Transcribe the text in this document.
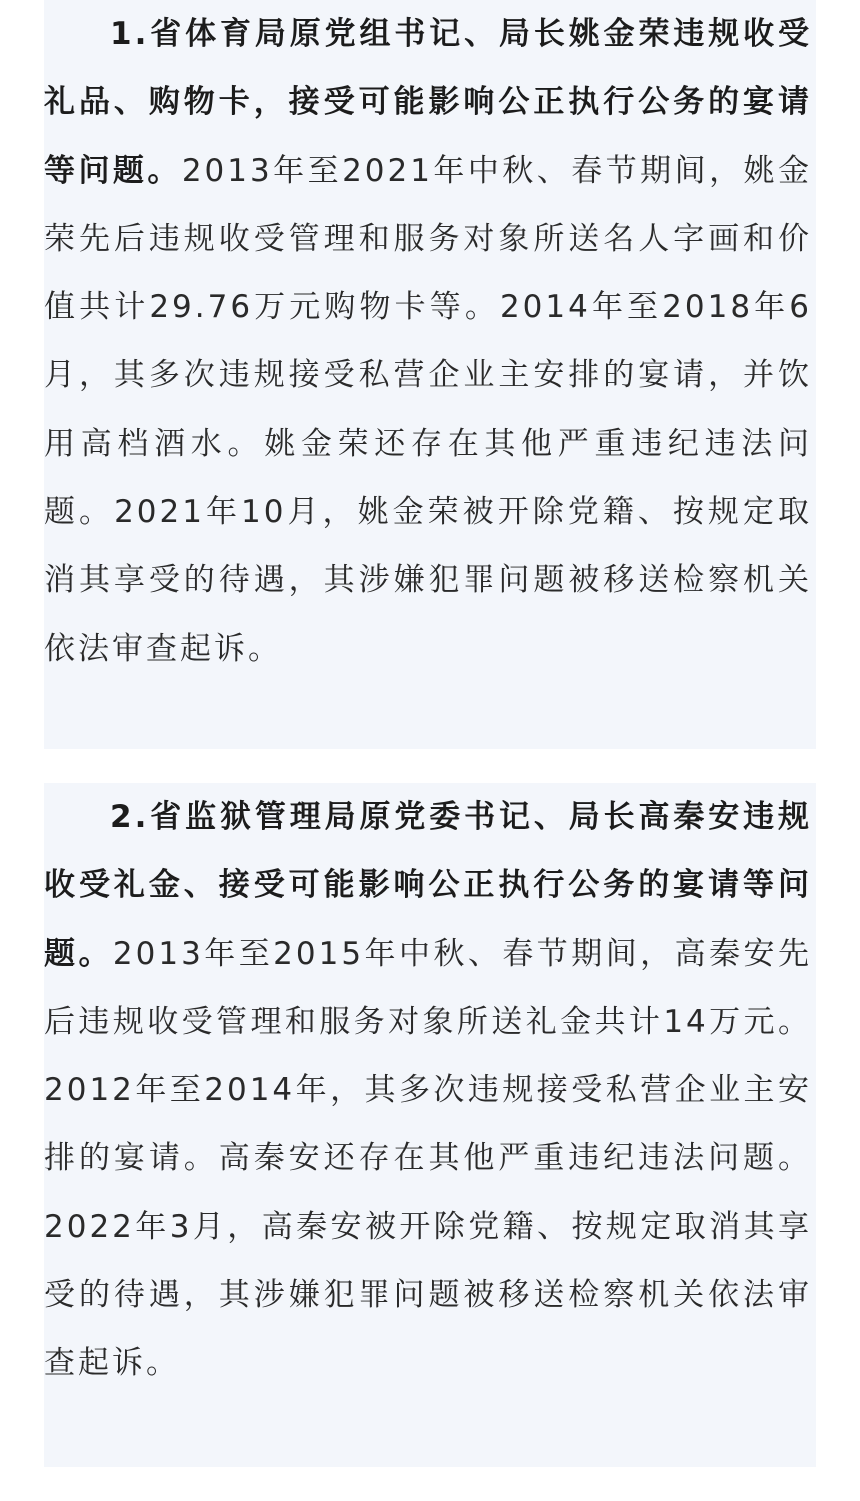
1.省体育局原党组书记、局长姚金荣违规收受礼品、购物卡，接受可能影响公正执行公务的宴请等问题。2013年至2021年中秋、春节期间，姚金荣先后违规收受管理和服务对象所送名人字画和价值共计29.76万元购物卡等。2014年至2018年6月，其多次违规接受私营企业主安排的宴请，并饮用高档酒水。姚金荣还存在其他严重违纪违法问题。2021年10月，姚金荣被开除党籍、按规定取消其享受的待遇，其涉嫌犯罪问题被移送检察机关依法审查起诉。

2.省监狱管理局原党委书记、局长高秦安违规收受礼金、接受可能影响公正执行公务的宴请等问题。2013年至2015年中秋、春节期间，高秦安先后违规收受管理和服务对象所送礼金共计14万元。2012年至2014年，其多次违规接受私营企业主安排的宴请。高秦安还存在其他严重违纪违法问题。2022年3月，高秦安被开除党籍、按规定取消其享受的待遇，其涉嫌犯罪问题被移送检察机关依法审查起诉。
